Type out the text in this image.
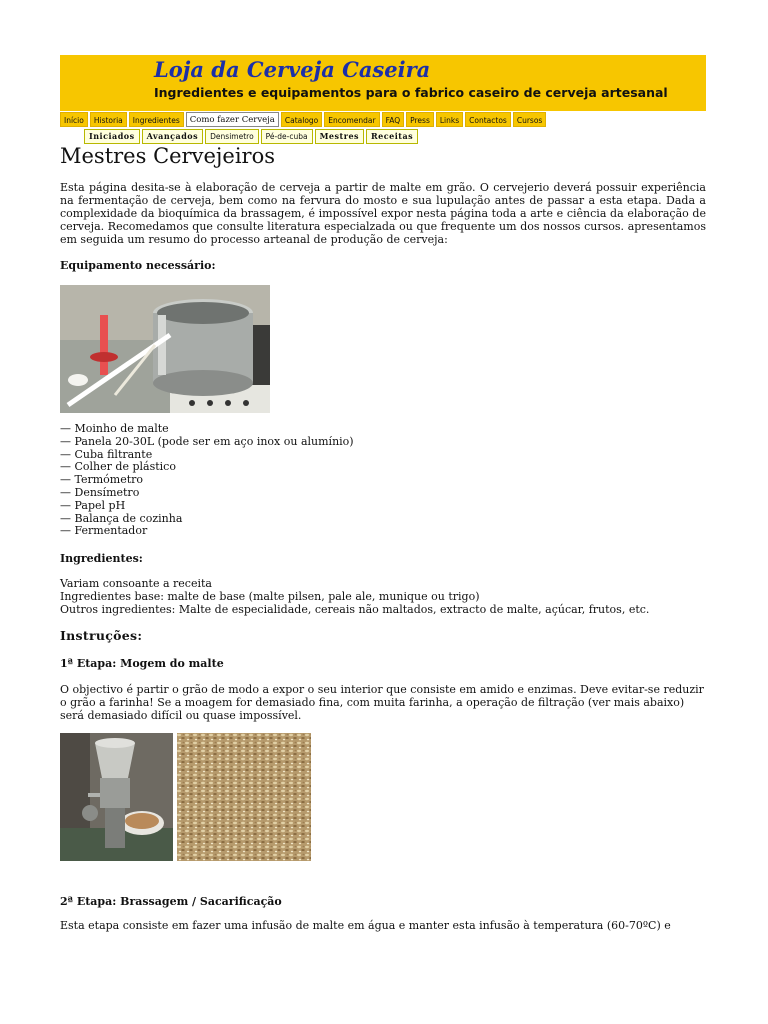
Loja da Cerveja Caseira
Ingredientes e equipamentos para o fabrico caseiro de cerveja artesanal
Início	Historia	Ingredientes	Como fazer Cerveja	Catalogo	Encomendar	FAQ	Press	Links	Contactos	Cursos
Iniciados	Avançados	Densimetro	Pé-de-cuba	Mestres	Receitas
Mestres Cervejeiros
Esta página desita-se à elaboração de cerveja a partir de malte em grão. O cervejerio deverá possuir experiência na fermentação de cerveja, bem como na fervura do mosto e sua lupulação antes de passar a esta etapa. Dada a complexidade da bioquímica da brassagem, é impossível expor nesta página toda a arte e ciência da elaboração de cerveja. Recomedamos que consulte literatura especialzada ou que frequente um dos nossos cursos. apresentamos em seguida um resumo do processo arteanal de produção de cerveja:
Equipamento necessário:
— Moinho de malte
— Panela 20-30L (pode ser em aço inox ou alumínio)
— Cuba filtrante
— Colher de plástico
— Termómetro
— Densímetro
— Papel pH
— Balança de cozinha
— Fermentador
Ingredientes:
Variam consoante a receita
Ingredientes base: malte de base (malte pilsen, pale ale, munique ou trigo)
Outros ingredientes: Malte de especialidade, cereais não maltados, extracto de malte, açúcar, frutos, etc.
Instruções:
1ª Etapa: Mogem do malte
O objectivo é partir o grão de modo a expor o seu interior que consiste em amido e enzimas. Deve evitar-se reduzir o grão a farinha! Se a moagem for demasiado fina, com muita farinha, a operação de filtração (ver mais abaixo) será demasiado difícil ou quase impossível.
2ª Etapa: Brassagem / Sacarificação
Esta etapa consiste em fazer uma infusão de malte em água e manter esta infusão à temperatura (60-70ºC) e
